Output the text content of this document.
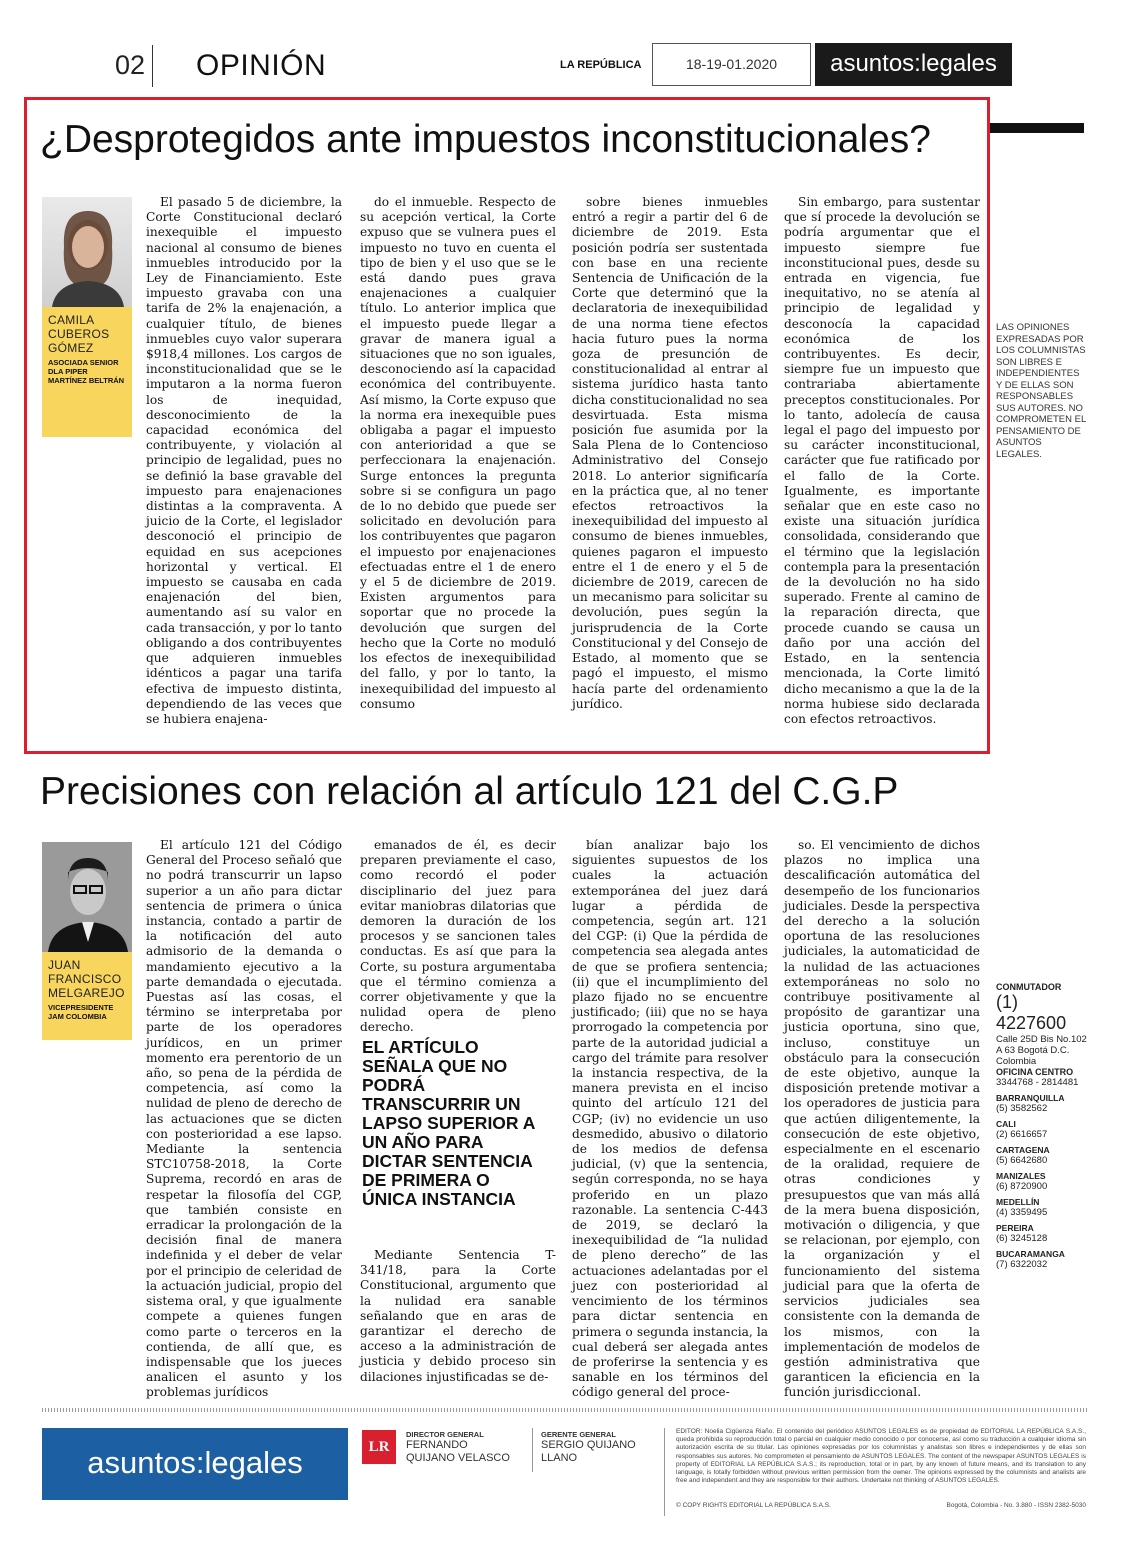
02 OPINIÓN	LA REPÚBLICA	18-19-01.2020	asuntos:legales
¿Desprotegidos ante impuestos inconstitucionales?
CAMILA CUBEROS GÓMEZ
ASOCIADA SENIOR DLA PIPER MARTÍNEZ BELTRÁN

El pasado 5 de diciembre, la Corte Constitucional declaró inexequible el impuesto nacional al consumo de bienes inmuebles introducido por la Ley de Financiamiento. Este impuesto gravaba con una tarifa de 2% la enajenación, a cualquier título, de bienes inmuebles cuyo valor superara $918,4 millones. Los cargos de inconstitucionalidad que se le imputaron a la norma fueron los de inequidad, desconocimiento de la capacidad económica del contribuyente, y violación al principio de legalidad, pues no se definió la base gravable del impuesto para enajenaciones distintas a la compraventa. A juicio de la Corte, el legislador desconoció el principio de equidad en sus acepciones horizontal y vertical. El impuesto se causaba en cada enajenación del bien, aumentando así su valor en cada transacción, y por lo tanto obligando a dos contribuyentes que adquieren inmuebles idénticos a pagar una tarifa efectiva de impuesto distinta, dependiendo de las veces que se hubiera enajena-

do el inmueble. Respecto de su acepción vertical, la Corte expuso que se vulnera pues el impuesto no tuvo en cuenta el tipo de bien y el uso que se le está dando pues grava enajenaciones a cualquier título. Lo anterior implica que el impuesto puede llegar a gravar de manera igual a situaciones que no son iguales, desconociendo así la capacidad económica del contribuyente. Así mismo, la Corte expuso que la norma era inexequible pues obligaba a pagar el impuesto con anterioridad a que se perfeccionara la enajenación. Surge entonces la pregunta sobre si se configura un pago de lo no debido que puede ser solicitado en devolución para los contribuyentes que pagaron el impuesto por enajenaciones efectuadas entre el 1 de enero y el 5 de diciembre de 2019. Existen argumentos para soportar que no procede la devolución que surgen del hecho que la Corte no moduló los efectos de inexequibilidad del fallo, y por lo tanto, la inexequibilidad del impuesto al consumo

sobre bienes inmuebles entró a regir a partir del 6 de diciembre de 2019. Esta posición podría ser sustentada con base en una reciente Sentencia de Unificación de la Corte que determinó que la declaratoria de inexequibilidad de una norma tiene efectos hacia futuro pues la norma goza de presunción de constitucionalidad al entrar al sistema jurídico hasta tanto dicha constitucionalidad no sea desvirtuada. Esta misma posición fue asumida por la Sala Plena de lo Contencioso Administrativo del Consejo 2018. Lo anterior significaría en la práctica que, al no tener efectos retroactivos la inexequibilidad del impuesto al consumo de bienes inmuebles, quienes pagaron el impuesto entre el 1 de enero y el 5 de diciembre de 2019, carecen de un mecanismo para solicitar su devolución, pues según la jurisprudencia de la Corte Constitucional y del Consejo de Estado, al momento que se pagó el impuesto, el mismo hacía parte del ordenamiento jurídico.

Sin embargo, para sustentar que sí procede la devolución se podría argumentar que el impuesto siempre fue inconstitucional pues, desde su entrada en vigencia, fue inequitativo, no se atenía al principio de legalidad y desconocía la capacidad económica de los contribuyentes. Es decir, siempre fue un impuesto que contrariaba abiertamente preceptos constitucionales. Por lo tanto, adolecía de causa legal el pago del impuesto por su carácter inconstitucional, carácter que fue ratificado por el fallo de la Corte. Igualmente, es importante señalar que en este caso no existe una situación jurídica consolidada, considerando que el término que la legislación contempla para la presentación de la devolución no ha sido superado. Frente al camino de la reparación directa, que procede cuando se causa un daño por una acción del Estado, en la sentencia mencionada, la Corte limitó dicho mecanismo a que la de la norma hubiese sido declarada con efectos retroactivos.

LAS OPINIONES EXPRESADAS POR LOS COLUMNISTAS SON LIBRES E INDEPENDIENTES Y DE ELLAS SON RESPONSABLES SUS AUTORES. NO COMPROMETEN EL PENSAMIENTO DE ASUNTOS LEGALES.
Precisiones con relación al artículo 121 del C.G.P
JUAN FRANCISCO MELGAREJO
VICEPRESIDENTE JAM COLOMBIA

El artículo 121 del Código General del Proceso señaló que no podrá transcurrir un lapso superior a un año para dictar sentencia de primera o única instancia, contado a partir de la notificación del auto admisorio de la demanda o mandamiento ejecutivo a la parte demandada o ejecutada. Puestas así las cosas, el término se interpretaba por parte de los operadores jurídicos, en un primer momento era perentorio de un año, so pena de la pérdida de competencia, así como la nulidad de pleno de derecho de las actuaciones que se dicten con posterioridad a ese lapso. Mediante la sentencia STC10758-2018, la Corte Suprema, recordó en aras de respetar la filosofía del CGP, que también consiste en erradicar la prolongación de la decisión final de manera indefinida y el deber de velar por el principio de celeridad de la actuación judicial, propio del sistema oral, y que igualmente compete a quienes fungen como parte o terceros en la contienda, de allí que, es indispensable que los jueces analicen el asunto y los problemas jurídicos

emanados de él, es decir preparen previamente el caso, como recordó el poder disciplinario del juez para evitar maniobras dilatorias que demoren la duración de los procesos y se sancionen tales conductas. Es así que para la Corte, su postura argumentaba que el término comienza a correr objetivamente y que la nulidad opera de pleno derecho.

EL ARTÍCULO SEÑALA QUE NO PODRÁ TRANSCURRIR UN LAPSO SUPERIOR A UN AÑO PARA DICTAR SENTENCIA DE PRIMERA O ÚNICA INSTANCIA

Mediante Sentencia T-341/18, para la Corte Constitucional, argumento que la nulidad era sanable señalando que en aras de garantizar el derecho de acceso a la administración de justicia y debido proceso sin dilaciones injustificadas se de-

bían analizar bajo los siguientes supuestos de los cuales la actuación extemporánea del juez dará lugar a pérdida de competencia, según art. 121 del CGP: (i) Que la pérdida de competencia sea alegada antes de que se profiera sentencia; (ii) que el incumplimiento del plazo fijado no se encuentre justificado; (iii) que no se haya prorrogado la competencia por parte de la autoridad judicial a cargo del trámite para resolver la instancia respectiva, de la manera prevista en el inciso quinto del artículo 121 del CGP; (iv) no evidencie un uso desmedido, abusivo o dilatorio de los medios de defensa judicial, (v) que la sentencia, según corresponda, no se haya proferido en un plazo razonable. La sentencia C-443 de 2019, se declaró la inexequibilidad de “la nulidad de pleno derecho” de las actuaciones adelantadas por el juez con posterioridad al vencimiento de los términos para dictar sentencia en primera o segunda instancia, la cual deberá ser alegada antes de proferirse la sentencia y es sanable en los términos del código general del proce-

so. El vencimiento de dichos plazos no implica una descalificación automática del desempeño de los funcionarios judiciales. Desde la perspectiva del derecho a la solución oportuna de las resoluciones judiciales, la automaticidad de la nulidad de las actuaciones extemporáneas no solo no contribuye positivamente al propósito de garantizar una justicia oportuna, sino que, incluso, constituye un obstáculo para la consecución de este objetivo, aunque la disposición pretende motivar a los operadores de justicia para que actúen diligentemente, la consecución de este objetivo, especialmente en el escenario de la oralidad, requiere de otras condiciones y presupuestos que van más allá de la mera buena disposición, motivación o diligencia, y que se relacionan, por ejemplo, con la organización y el funcionamiento del sistema judicial para que la oferta de servicios judiciales sea consistente con la demanda de los mismos, con la implementación de modelos de gestión administrativa que garanticen la eficiencia en la función jurisdiccional.

CONMUTADOR
(1) 4227600
Calle 25D Bis No.102 A 63 Bogotá D.C. Colombia
OFICINA CENTRO
3344768 - 2814481
BARRANQUILLA
(5) 3582562
CALI
(2) 6616657
CARTAGENA
(5) 6642680
MANIZALES
(6) 8720900
MEDELLÍN
(4) 3359495
PEREIRA
(6) 3245128
BUCARAMANGA
(7) 6322032
asuntos:legales	LR
DIRECTOR GENERAL
FERNANDO QUIJANO VELASCO
GERENTE GENERAL
SERGIO QUIJANO LLANO
EDITOR: Noelia Cigüenza Riaño. El contenido del periódico ASUNTOS LEGALES es de propiedad de EDITORIAL LA REPÚBLICA S.A.S., queda prohibida su reproducción total o parcial en cualquier medio conocido o por conocerse, así como su traducción a cualquier idioma sin autorización escrita de su titular. Las opiniones expresadas por los columnistas y analistas son libres e independientes y de ellas son responsables sus autores. No comprometen el pensamiento de ASUNTOS LEGALES. The content of the newspaper ASUNTOS LEGALES is property of EDITORIAL LA REPÚBLICA S.A.S.; its reproduction, total or in part, by any known of future means, and its translation to any language, is totally forbidden without previous written permission from the owner. The opinions expressed by the columnists and analists are free and independent and they are responsible for their authors. Undertake not thinking of ASUNTOS LEGALES.
© COPY RIGHTS EDITORIAL LA REPÚBLICA S.A.S.	Bogotá, Colombia - No. 3.880 - ISSN 2382-5030
